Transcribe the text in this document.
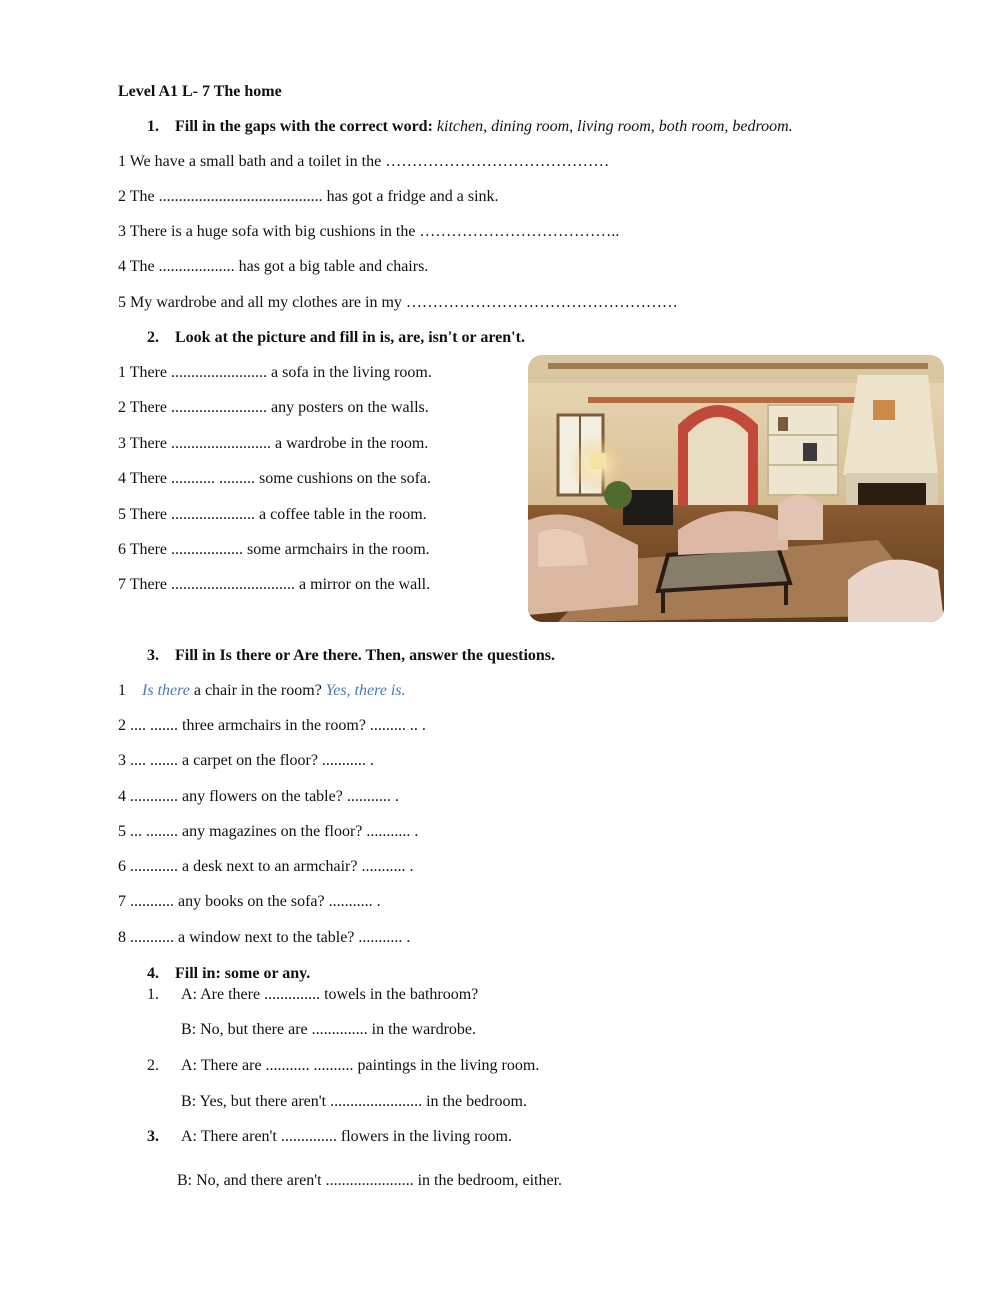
Level A1 L- 7 The home
1. Fill in the gaps with the correct word: kitchen, dining room, living room, both room, bedroom.
1 We have a small bath and a toilet in the ……………………………………
2 The ......................................... has got a fridge and a sink.
3 There is a huge sofa with big cushions in the ………………………………..
4 The ................... has got a big table and chairs.
5 My wardrobe and all my clothes are in my ……………………………………………
2. Look at the picture and fill in is, are, isn't or aren't.
1 There ........................ a sofa in the living room.
2 There ........................ any posters on the walls.
3 There ......................... a wardrobe in the room.
4 There ........... ......... some cushions on the sofa.
5 There ..................... a coffee table in the room.
6 There .................. some armchairs in the room.
7 There ............................... a mirror on the wall.
3. Fill in Is there or Are there. Then, answer the questions.
1 Is there a chair in the room? Yes, there is.
2 .... ....... three armchairs in the room? ......... .. .
3 .... ....... a carpet on the floor? ........... .
4 ............ any flowers on the table? ........... .
5 ... ........ any magazines on the floor? ........... .
6 ............ a desk next to an armchair? ........... .
7 ........... any books on the sofa? ........... .
8 ........... a window next to the table? ........... .
4. Fill in: some or any.
1. A: Are there .............. towels in the bathroom?
B: No, but there are .............. in the wardrobe.
2. A: There are ........... .......... paintings in the living room.
B: Yes, but there aren't ....................... in the bedroom.
3. A: There aren't .............. flowers in the living room.
B: No, and there aren't ...................... in the bedroom, either.
